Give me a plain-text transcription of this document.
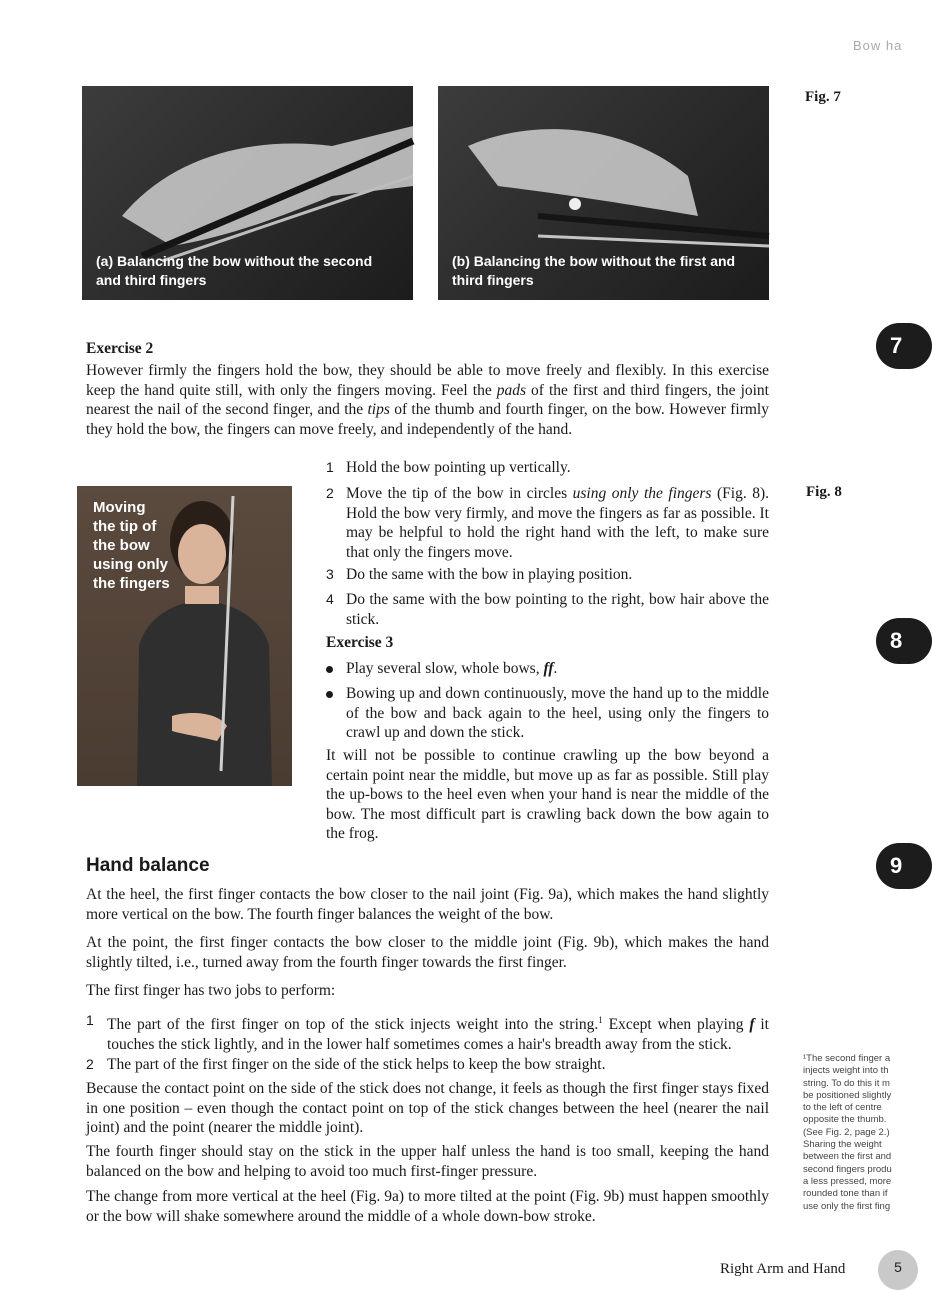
Bow ha
(a) Balancing the bow without the second
and third fingers
(b) Balancing the bow without the first and
third fingers
Fig. 7
7
8
9
Exercise 2
However firmly the fingers hold the bow, they should be able to move freely and flexibly. In this exercise keep the hand quite still, with only the fingers moving. Feel the pads of the first and third fingers, the joint nearest the nail of the second finger, and the tips of the thumb and fourth finger, on the bow. However firmly they hold the bow, the fingers can move freely, and independently of the hand.
Moving
the tip of
the bow
using only
the fingers
Fig. 8
1 Hold the bow pointing up vertically.
2 Move the tip of the bow in circles using only the fingers (Fig. 8). Hold the bow very firmly, and move the fingers as far as possible. It may be helpful to hold the right hand with the left, to make sure that only the fingers move.
3 Do the same with the bow in playing position.
4 Do the same with the bow pointing to the right, bow hair above the stick.
Exercise 3
Play several slow, whole bows, ff.
Bowing up and down continuously, move the hand up to the middle of the bow and back again to the heel, using only the fingers to crawl up and down the stick.
It will not be possible to continue crawling up the bow beyond a certain point near the middle, but move up as far as possible. Still play the up-bows to the heel even when your hand is near the middle of the bow. The most difficult part is crawling back down the bow again to the frog.
Hand balance
At the heel, the first finger contacts the bow closer to the nail joint (Fig. 9a), which makes the hand slightly more vertical on the bow. The fourth finger balances the weight of the bow.
At the point, the first finger contacts the bow closer to the middle joint (Fig. 9b), which makes the hand slightly tilted, i.e., turned away from the fourth finger towards the first finger.
The first finger has two jobs to perform:
1 The part of the first finger on top of the stick injects weight into the string.$^1$ Except when playing f it touches the stick lightly, and in the lower half sometimes comes a hair's breadth away from the stick.
2 The part of the first finger on the side of the stick helps to keep the bow straight.
Because the contact point on the side of the stick does not change, it feels as though the first finger stays fixed in one position – even though the contact point on top of the stick changes between the heel (nearer the nail joint) and the point (nearer the middle joint).
The fourth finger should stay on the stick in the upper half unless the hand is too small, keeping the hand balanced on the bow and helping to avoid too much first-finger pressure.
The change from more vertical at the heel (Fig. 9a) to more tilted at the point (Fig. 9b) must happen smoothly or the bow will shake somewhere around the middle of a whole down-bow stroke.
¹The second finger a
injects weight into th
string. To do this it m
be positioned slightly
to the left of centre
opposite the thumb.
(See Fig. 2, page 2.)
Sharing the weight
between the first and
second fingers produ
a less pressed, more
rounded tone than if
use only the first fing
Right Arm and Hand	5
